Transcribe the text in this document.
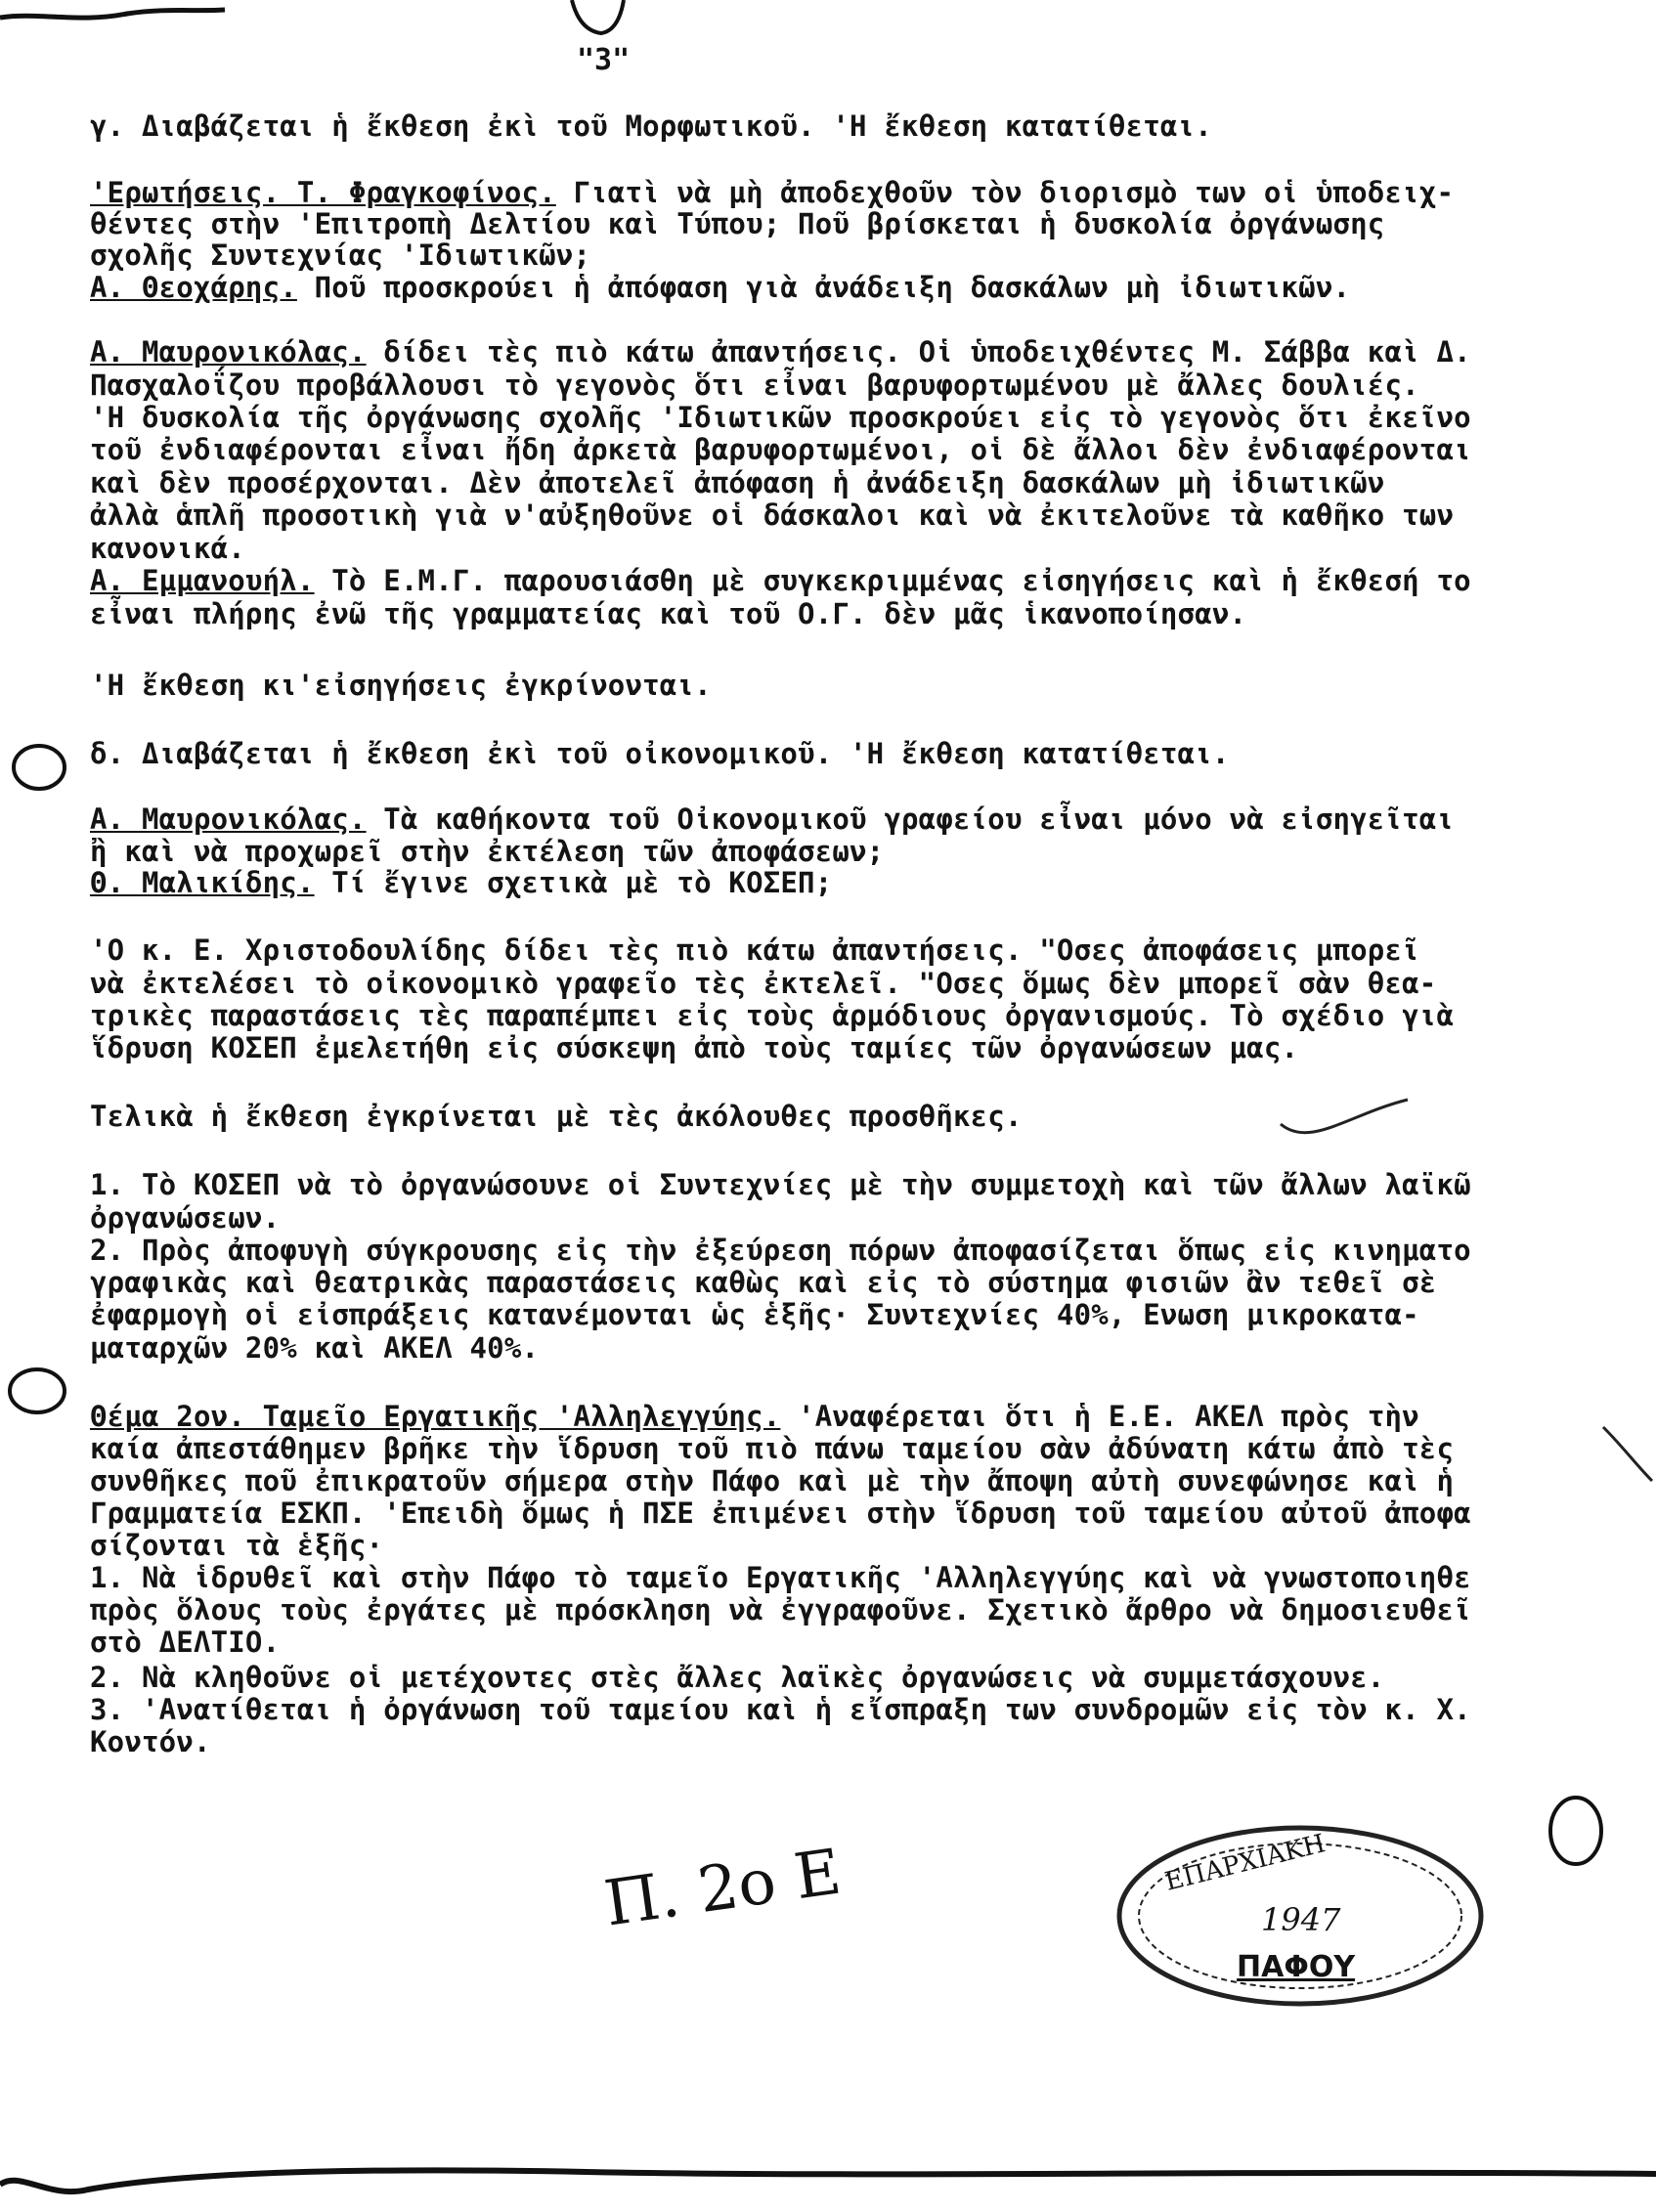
"3"
γ. Διαβάζεται ἡ ἔκθεση ἐκὶ τοῦ Μορφωτικοῦ. 'Η ἔκθεση κατατίθεται.
'Ερωτήσεις. Τ. Φραγκοφίνος. Γιατὶ νὰ μὴ ἀποδεχθοῦν τὸν διορισμὸ των οἱ ὑποδειχ-
θέντες στὴν 'Επιτροπὴ Δελτίου καὶ Τύπου; Ποῦ βρίσκεται ἡ δυσκολία ὀργάνωσης
σχολῆς Συντεχνίας 'Ιδιωτικῶν;
Α. Θεοχάρης. Ποῦ προσκρούει ἡ ἀπόφαση γιὰ ἀνάδειξη δασκάλων μὴ ἰδιωτικῶν.
Α. Μαυρονικόλας. δίδει τὲς πιὸ κάτω ἀπαντήσεις. Οἱ ὑποδειχθέντες Μ. Σάββα καὶ Δ.
Πασχαλοΐζου προβάλλουσι τὸ γεγονὸς ὅτι εἶναι βαρυφορτωμένου μὲ ἄλλες δουλιές.
'Η δυσκολία τῆς ὀργάνωσης σχολῆς 'Ιδιωτικῶν προσκρούει εἰς τὸ γεγονὸς ὅτι ἐκεῖνο
τοῦ ἐνδιαφέρονται εἶναι ἤδη ἀρκετὰ βαρυφορτωμένοι, οἱ δὲ ἄλλοι δὲν ἐνδιαφέρονται
καὶ δὲν προσέρχονται. Δὲν ἀποτελεῖ ἀπόφαση ἡ ἀνάδειξη δασκάλων μὴ ἰδιωτικῶν
ἀλλὰ ἁπλῆ προσοτικὴ γιὰ ν'αὐξηθοῦνε οἱ δάσκαλοι καὶ νὰ ἐκιτελοῦνε τὰ καθῆκο των
κανονικά.
Α. Εμμανουήλ. Τὸ Ε.Μ.Γ. παρουσιάσθη μὲ συγκεκριμμένας εἰσηγήσεις καὶ ἡ ἔκθεσή το
εἶναι πλήρης ἐνῶ τῆς γραμματείας καὶ τοῦ Ο.Γ. δὲν μᾶς ἱκανοποίησαν.
'Η ἔκθεση κι'εἰσηγήσεις ἐγκρίνονται.
δ. Διαβάζεται ἡ ἔκθεση ἐκὶ τοῦ οἰκονομικοῦ. 'Η ἔκθεση κατατίθεται.
Α. Μαυρονικόλας. Τὰ καθήκοντα τοῦ Οἰκονομικοῦ γραφείου εἶναι μόνο νὰ εἰσηγεῖται
ἢ καὶ νὰ προχωρεῖ στὴν ἐκτέλεση τῶν ἀποφάσεων;
Θ. Μαλικίδης. Τί ἔγινε σχετικὰ μὲ τὸ ΚΟΣΕΠ;
'Ο κ. Ε. Χριστοδουλίδης δίδει τὲς πιὸ κάτω ἀπαντήσεις. "Οσες ἀποφάσεις μπορεῖ
νὰ ἐκτελέσει τὸ οἰκονομικὸ γραφεῖο τὲς ἐκτελεῖ. "Οσες ὅμως δὲν μπορεῖ σὰν θεα-
τρικὲς παραστάσεις τὲς παραπέμπει εἰς τοὺς ἁρμόδιους ὀργανισμούς. Τὸ σχέδιο γιὰ
ἵδρυση ΚΟΣΕΠ ἐμελετήθη εἰς σύσκεψη ἀπὸ τοὺς ταμίες τῶν ὀργανώσεων μας.
Τελικὰ ἡ ἔκθεση ἐγκρίνεται μὲ τὲς ἀκόλουθες προσθῆκες.
1. Τὸ ΚΟΣΕΠ νὰ τὸ ὀργανώσουνε οἱ Συντεχνίες μὲ τὴν συμμετοχὴ καὶ τῶν ἄλλων λαϊκῶ
ὀργανώσεων.
2. Πρὸς ἀποφυγὴ σύγκρουσης εἰς τὴν ἐξεύρεση πόρων ἀποφασίζεται ὅπως εἰς κινηματο
γραφικὰς καὶ θεατρικὰς παραστάσεις καθὼς καὶ εἰς τὸ σύστημα φισιῶν ἂν τεθεῖ σὲ
ἐφαρμογὴ οἱ εἰσπράξεις κατανέμονται ὡς ἑξῆς· Συντεχνίες 40%, Ενωση μικροκατα-
ματαρχῶν 20% καὶ ΑΚΕΛ 40%.
Θέμα 2ον. Ταμεῖο Εργατικῆς 'Αλληλεγγύης. 'Αναφέρεται ὅτι ἡ Ε.Ε. ΑΚΕΛ πρὸς τὴν
καία ἀπεστάθημεν βρῆκε τὴν ἵδρυση τοῦ πιὸ πάνω ταμείου σὰν ἀδύνατη κάτω ἀπὸ τὲς
συνθῆκες ποῦ ἐπικρατοῦν σήμερα στὴν Πάφο καὶ μὲ τὴν ἄποψη αὐτὴ συνεφώνησε καὶ ἡ
Γραμματεία ΕΣΚΠ. 'Επειδὴ ὅμως ἡ ΠΣΕ ἐπιμένει στὴν ἵδρυση τοῦ ταμείου αὐτοῦ ἀποφα
σίζονται τὰ ἑξῆς·
1. Νὰ ἱδρυθεῖ καὶ στὴν Πάφο τὸ ταμεῖο Εργατικῆς 'Αλληλεγγύης καὶ νὰ γνωστοποιηθε
πρὸς ὅλους τοὺς ἐργάτες μὲ πρόσκληση νὰ ἐγγραφοῦνε. Σχετικὸ ἄρθρο νὰ δημοσιευθεῖ
στὸ ΔΕΛΤΙΟ.
2. Νὰ κληθοῦνε οἱ μετέχοντες στὲς ἄλλες λαϊκὲς ὀργανώσεις νὰ συμμετάσχουνε.
3. 'Ανατίθεται ἡ ὀργάνωση τοῦ ταμείου καὶ ἡ εἴσπραξη των συνδρομῶν εἰς τὸν κ. Χ.
Κοντόν.
Π. 2ο Ε	ΕΠΑΡΧΙΑΚΗ
1947
ΠΑΦΟΥ
